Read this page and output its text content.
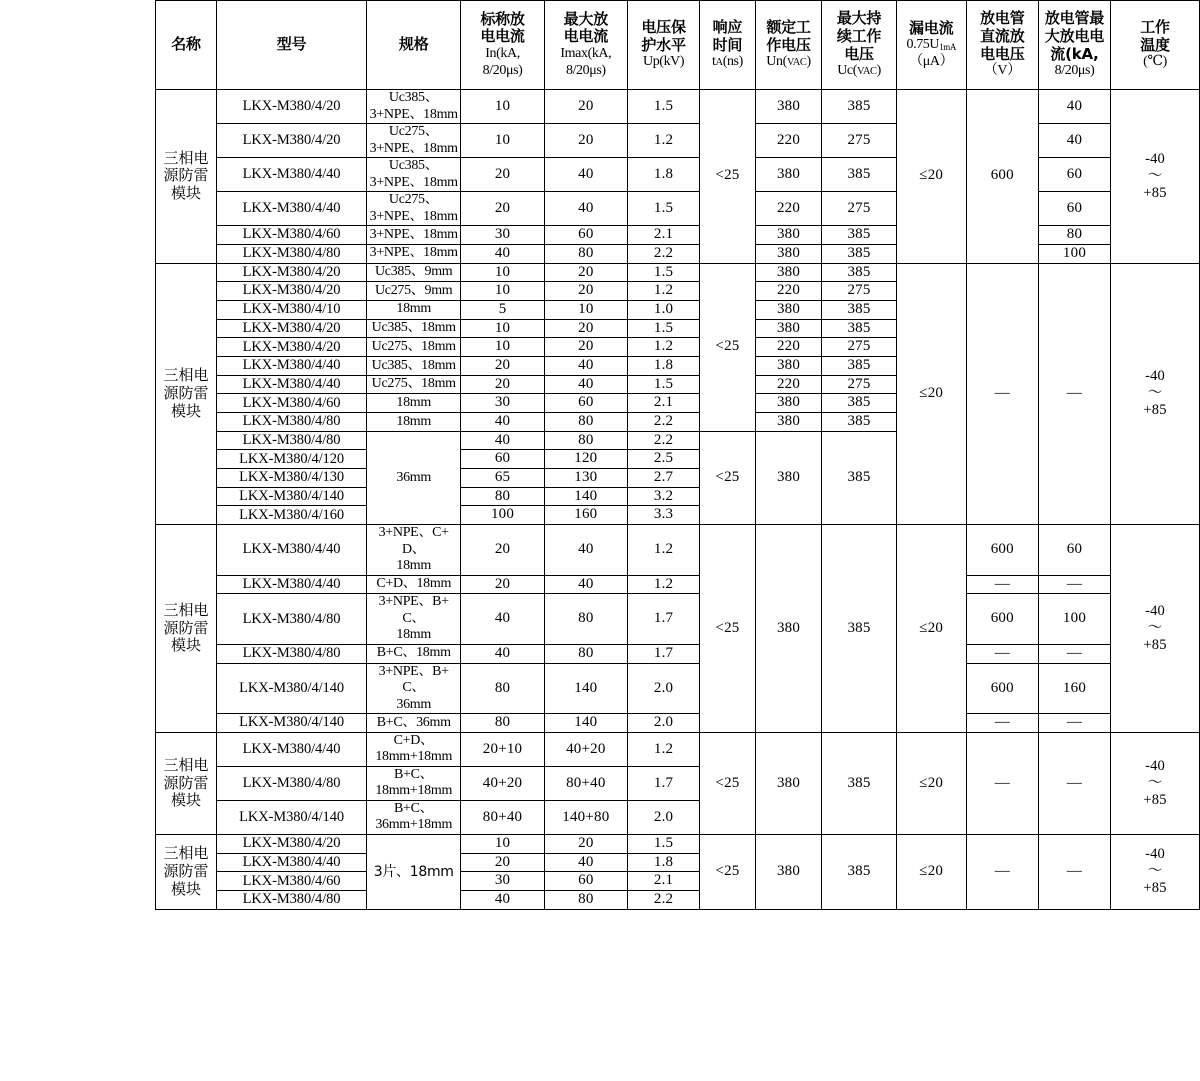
名称	型号	规格	标称放
电电流
In(kA,
8/20μs)	最大放
电电流
Imax(kA,
8/20μs)	电压保
护水平
Up(kV)	响应
时间
tA(ns)	额定工
作电压
Un(VAC)	最大持
续工作
电压
Uc(VAC)	漏电流
$0.75U_{1mA}$
（μA）	放电管
直流放
电电压
（V）	放电管最
大放电电
流(kA,
8/20μs)	工作
温度
(℃)

三相电源防雷模块	LKX-M380/4/20	Uc385、
3+NPE、18mm	10	20	1.5	<25	380	385	≤20	600	40	-40
～
+85
	LKX-M380/4/20	Uc275、
3+NPE、18mm	10	20	1.2		220	275			40	
	LKX-M380/4/40	Uc385、
3+NPE、18mm	20	40	1.8		380	385			60	
	LKX-M380/4/40	Uc275、
3+NPE、18mm	20	40	1.5		220	275			60	
	LKX-M380/4/60	3+NPE、18mm	30	60	2.1		380	385			80	
	LKX-M380/4/80	3+NPE、18mm	40	80	2.2		380	385			100	
三相电源防雷模块	LKX-M380/4/20	Uc385、9mm	10	20	1.5	<25	380	385	≤20	—	—	-40
～
+85
	LKX-M380/4/20	Uc275、9mm	10	20	1.2		220	275				
	LKX-M380/4/10	18mm	5	10	1.0		380	385				
	LKX-M380/4/20	Uc385、18mm	10	20	1.5		380	385				
	LKX-M380/4/20	Uc275、18mm	10	20	1.2		220	275				
	LKX-M380/4/40	Uc385、18mm	20	40	1.8		380	385				
	LKX-M380/4/40	Uc275、18mm	20	40	1.5		220	275				
	LKX-M380/4/60	18mm	30	60	2.1		380	385				
	LKX-M380/4/80	18mm	40	80	2.2		380	385				
	LKX-M380/4/80	36mm	40	80	2.2	<25	380	385				
	LKX-M380/4/120		60	120	2.5							
	LKX-M380/4/130		65	130	2.7							
	LKX-M380/4/140		80	140	3.2							
	LKX-M380/4/160		100	160	3.3							
三相电源防雷模块	LKX-M380/4/40	3+NPE、C+D、
18mm	20	40	1.2	<25	380	385	≤20	600	60	-40
～
+85
	LKX-M380/4/40	C+D、18mm	20	40	1.2					—	—	
	LKX-M380/4/80	3+NPE、B+C、
18mm	40	80	1.7					600	100	
	LKX-M380/4/80	B+C、18mm	40	80	1.7					—	—	
	LKX-M380/4/140	3+NPE、B+C、
36mm	80	140	2.0					600	160	
	LKX-M380/4/140	B+C、36mm	80	140	2.0					—	—	
三相电源防雷模块	LKX-M380/4/40	C+D、
18mm+18mm	20+10	40+20	1.2	<25	380	385	≤20	—	—	-40
～
+85
	LKX-M380/4/80	B+C、
18mm+18mm	40+20	80+40	1.7							
	LKX-M380/4/140	B+C、
36mm+18mm	80+40	140+80	2.0							
三相电源防雷模块	LKX-M380/4/20	3片、18mm	10	20	1.5	<25	380	385	≤20	—	—	-40
～
+85
	LKX-M380/4/40		20	40	1.8							
	LKX-M380/4/60		30	60	2.1							
	LKX-M380/4/80		40	80	2.2							
